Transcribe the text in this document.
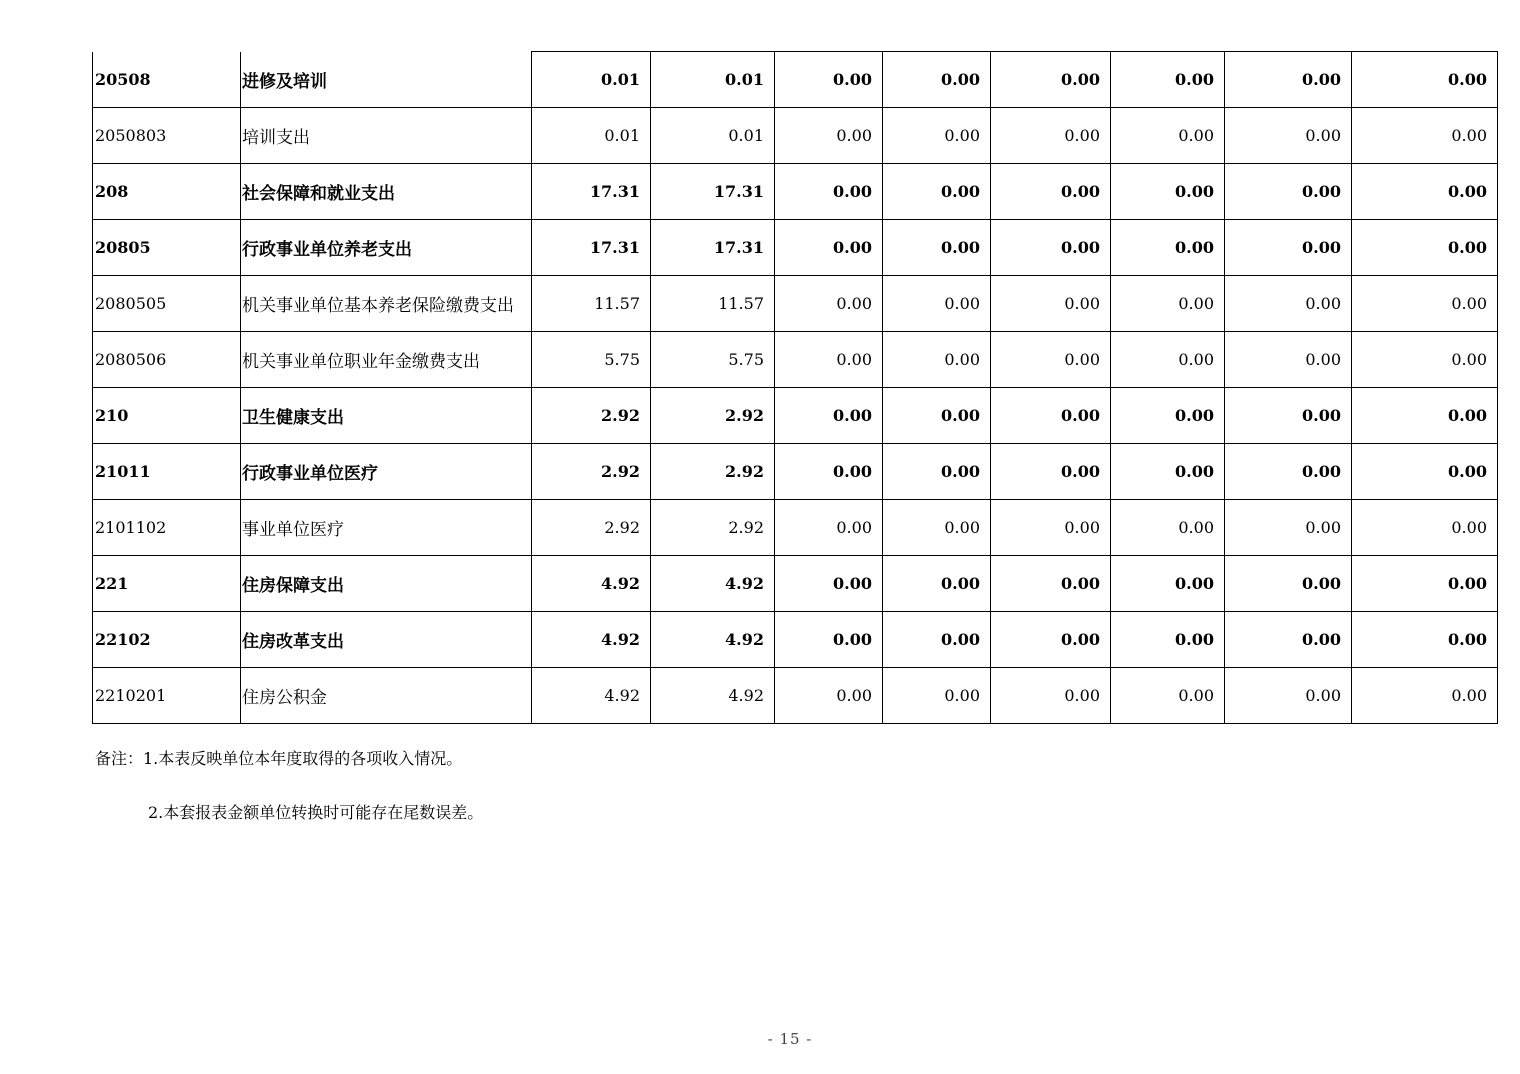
20508	进修及培训	0.01	0.01	0.00	0.00	0.00	0.00	0.00	0.00
2050803	培训支出	0.01	0.01	0.00	0.00	0.00	0.00	0.00	0.00
208	社会保障和就业支出	17.31	17.31	0.00	0.00	0.00	0.00	0.00	0.00
20805	行政事业单位养老支出	17.31	17.31	0.00	0.00	0.00	0.00	0.00	0.00
2080505	机关事业单位基本养老保险缴费支出	11.57	11.57	0.00	0.00	0.00	0.00	0.00	0.00
2080506	机关事业单位职业年金缴费支出	5.75	5.75	0.00	0.00	0.00	0.00	0.00	0.00
210	卫生健康支出	2.92	2.92	0.00	0.00	0.00	0.00	0.00	0.00
21011	行政事业单位医疗	2.92	2.92	0.00	0.00	0.00	0.00	0.00	0.00
2101102	事业单位医疗	2.92	2.92	0.00	0.00	0.00	0.00	0.00	0.00
221	住房保障支出	4.92	4.92	0.00	0.00	0.00	0.00	0.00	0.00
22102	住房改革支出	4.92	4.92	0.00	0.00	0.00	0.00	0.00	0.00
2210201	住房公积金	4.92	4.92	0.00	0.00	0.00	0.00	0.00	0.00
备注：1.本表反映单位本年度取得的各项收入情况。
2.本套报表金额单位转换时可能存在尾数误差。
- 15 -
